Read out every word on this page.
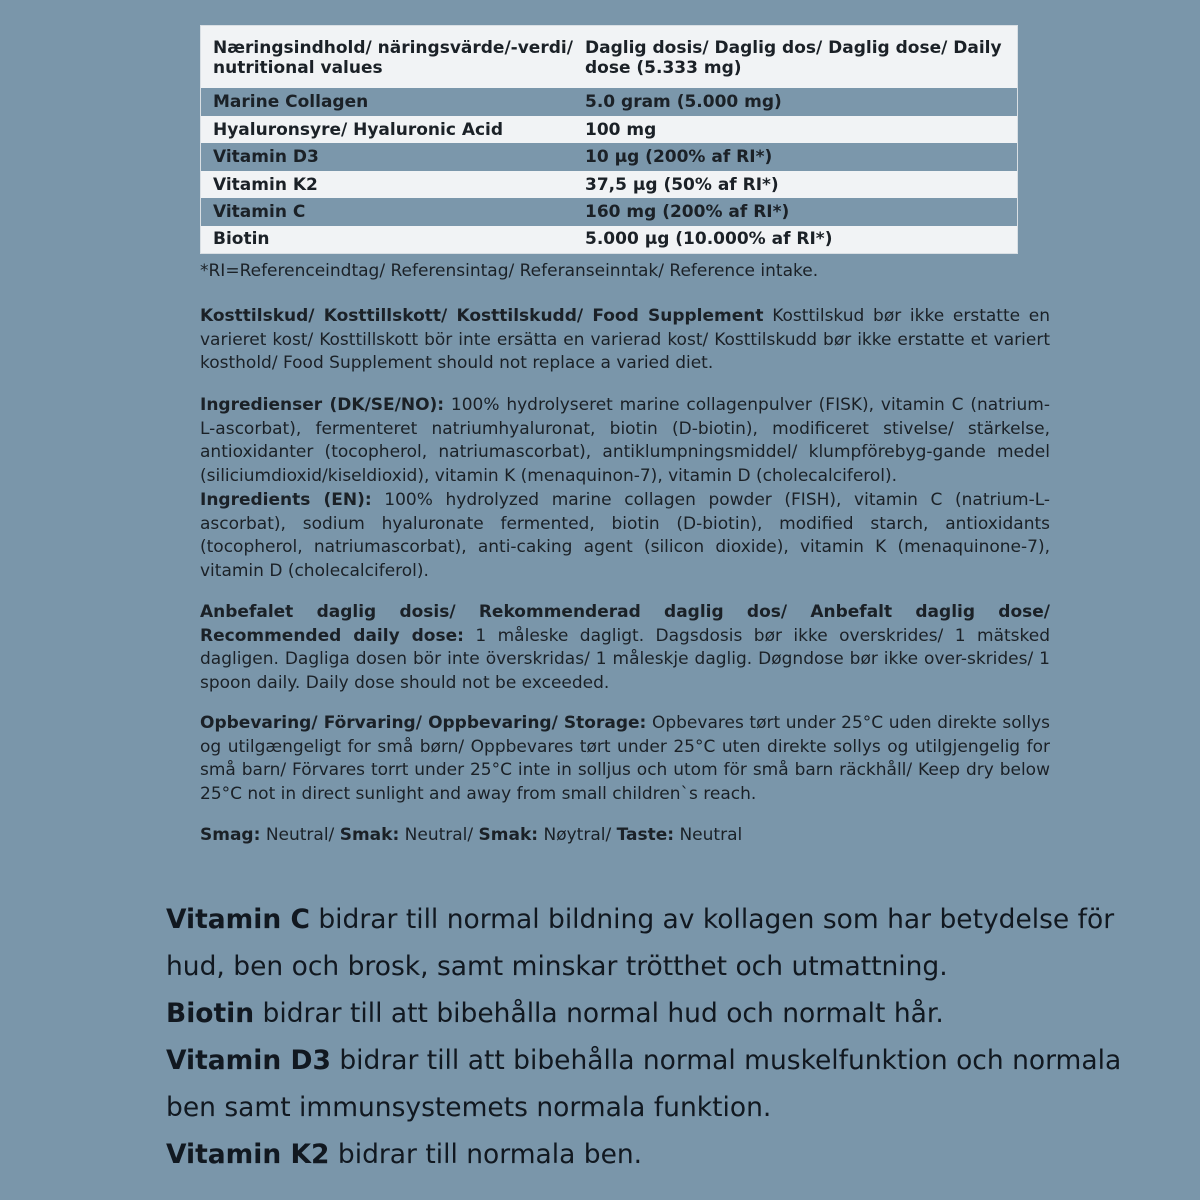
Næringsindhold/ näringsvärde/-verdi/ nutritional values	Daglig dosis/ Daglig dos/ Daglig dose/ Daily dose (5.333 mg)
Marine Collagen	5.0 gram (5.000 mg)
Hyaluronsyre/ Hyaluronic Acid	100 mg
Vitamin D3	10 µg (200% af RI*)
Vitamin K2	37,5 µg (50% af RI*)
Vitamin C	160 mg (200% af RI*)
Biotin	5.000 µg (10.000% af RI*)
*RI=Referenceindtag/ Referensintag/ Referanseinntak/ Reference intake.
Kosttilskud/ Kosttillskott/ Kosttilskudd/ Food Supplement Kosttilskud bør ikke erstatte en varieret kost/ Kosttillskott bör inte ersätta en varierad kost/ Kosttilskudd bør ikke erstatte et variert kosthold/ Food Supplement should not replace a varied diet.
Ingredienser (DK/SE/NO): 100% hydrolyseret marine collagenpulver (FISK), vitamin C (natrium-L-ascorbat), fermenteret natriumhyaluronat, biotin (D-biotin), modificeret stivelse/ stärkelse, antioxidanter (tocopherol, natriumascorbat), antiklumpningsmiddel/ klumpförebyg-gande medel (siliciumdioxid/kiseldioxid), vitamin K (menaquinon-7), vitamin D (cholecalciferol).
Ingredients (EN): 100% hydrolyzed marine collagen powder (FISH), vitamin C (natrium-L-ascorbat), sodium hyaluronate fermented, biotin (D-biotin), modified starch, antioxidants (tocopherol, natriumascorbat), anti-caking agent (silicon dioxide), vitamin K (menaquinone-7), vitamin D (cholecalciferol).
Anbefalet daglig dosis/ Rekommenderad daglig dos/ Anbefalt daglig dose/ Recommended daily dose: 1 måleske dagligt. Dagsdosis bør ikke overskrides/ 1 mätsked dagligen. Dagliga dosen bör inte överskridas/ 1 måleskje daglig. Døgndose bør ikke over-skrides/ 1 spoon daily. Daily dose should not be exceeded.
Opbevaring/ Förvaring/ Oppbevaring/ Storage: Opbevares tørt under 25°C uden direkte sollys og utilgængeligt for små børn/ Oppbevares tørt under 25°C uten direkte sollys og utilgjengelig for små barn/ Förvares torrt under 25°C inte in solljus och utom för små barn räckhåll/ Keep dry below 25°C not in direct sunlight and away from small children`s reach.
Smag: Neutral/ Smak: Neutral/ Smak: Nøytral/ Taste: Neutral

Vitamin C bidrar till normal bildning av kollagen som har betydelse för hud, ben och brosk, samt minskar trötthet och utmattning.

Biotin bidrar till att bibehålla normal hud och normalt hår.

Vitamin D3 bidrar till att bibehålla normal muskelfunktion och normala ben samt immunsystemets normala funktion.

Vitamin K2 bidrar till normala ben.
